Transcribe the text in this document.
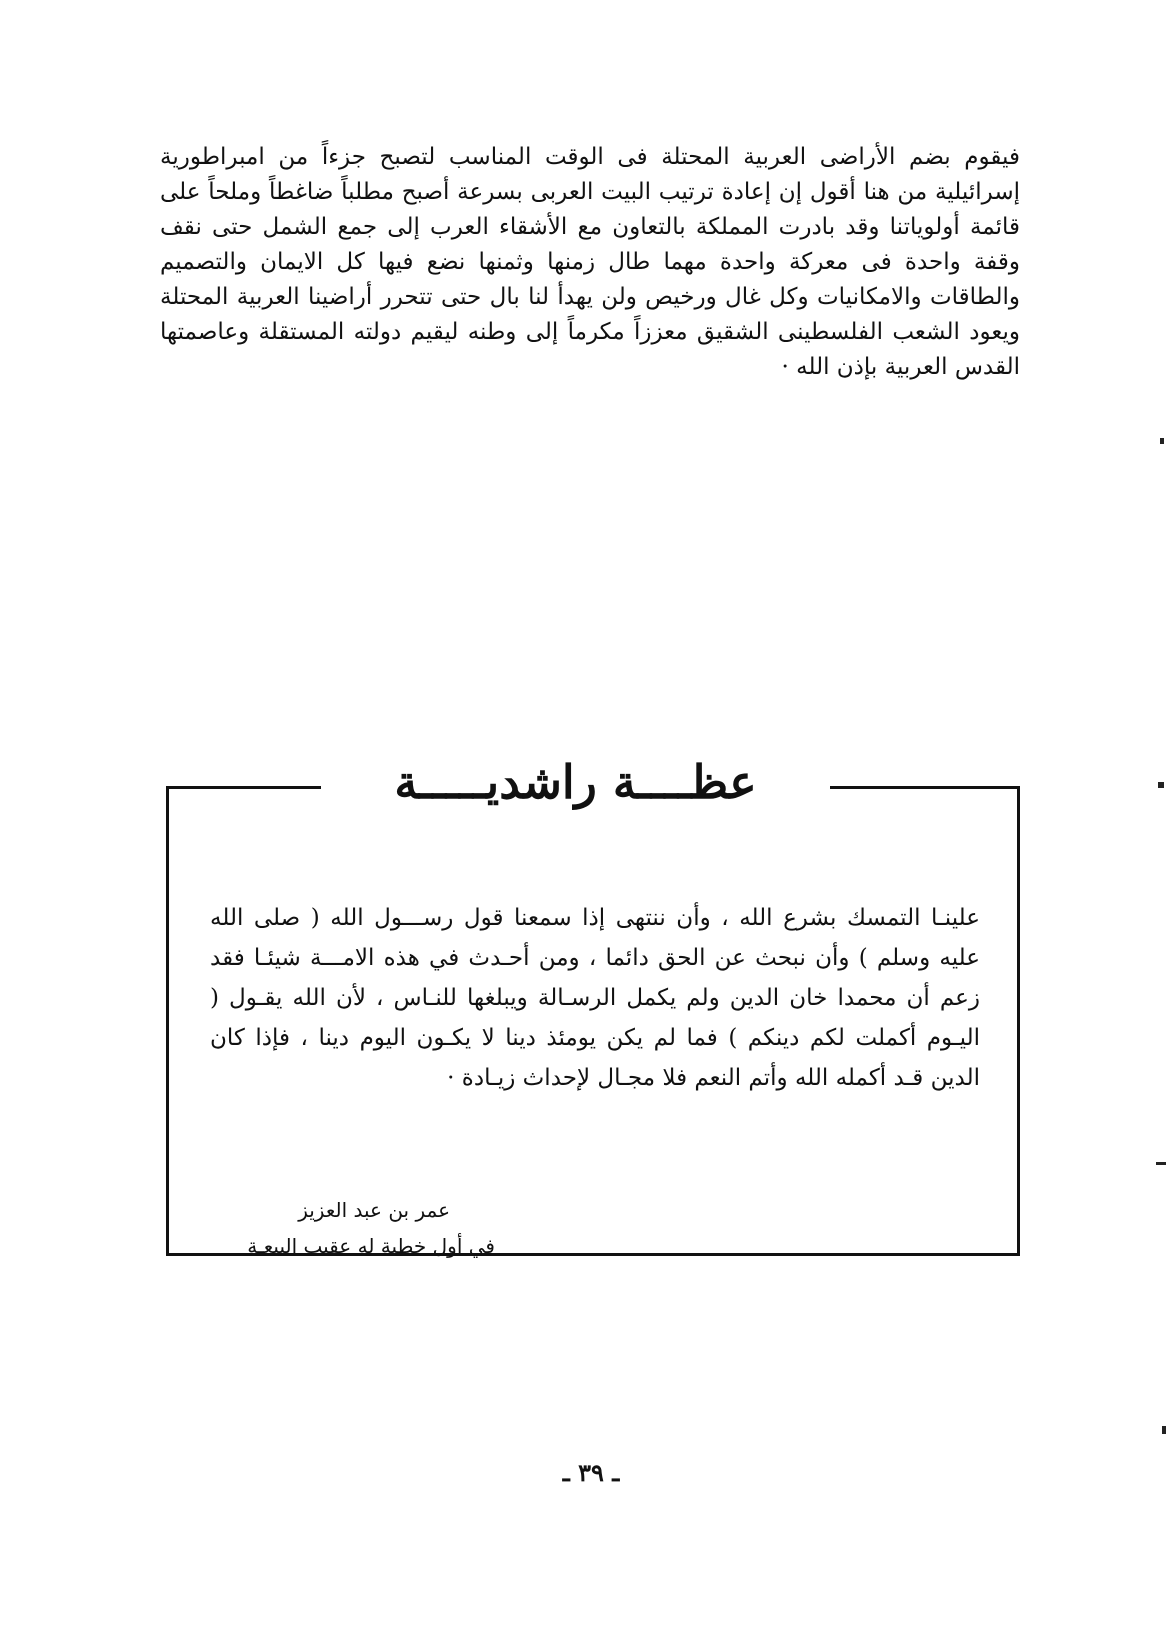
فيقوم بضم الأراضى العربية المحتلة فى الوقت المناسب لتصبح جزءاً من امبراطورية إسرائيلية من هنا أقول إن إعادة ترتيب البيت العربى بسرعة أصبح مطلباً ضاغطاً وملحاً على قائمة أولوياتنا وقد بادرت المملكة بالتعاون مع الأشقاء العرب إلى جمع الشمل حتى نقف وقفة واحدة فى معركة واحدة مهما طال زمنها وثمنها نضع فيها كل الايمان والتصميم والطاقات والامكانيات وكل غال ورخيص ولن يهدأ لنا بال حتى تتحرر أراضينا العربية المحتلة ويعود الشعب الفلسطينى الشقيق معززاً مكرماً إلى وطنه ليقيم دولته المستقلة وعاصمتها القدس العربية بإذن الله ·

عظــــة راشديـــــة

علينـا التمسك بشرع الله ، وأن ننتهى إذا سمعنا قول رســـول الله ( صلى الله عليه وسلم ) وأن نبحث عن الحق دائما ، ومن أحـدث في هذه الامـــة شيئـا فقد زعم أن محمدا خان الدين ولم يكمل الرسـالة ويبلغها للنـاس ، لأن الله يقـول ( اليـوم أكملت لكم دينكم ) فما لم يكن يومئذ دينا لا يكـون اليوم دينا ، فإذا كان الدين قـد أكمله الله وأتم النعم فلا مجـال لإحداث زيـادة ·

عمر بن عبد العزيز
في أول خطبة له عقيب البيعـة
ـ ٣٩ ـ
